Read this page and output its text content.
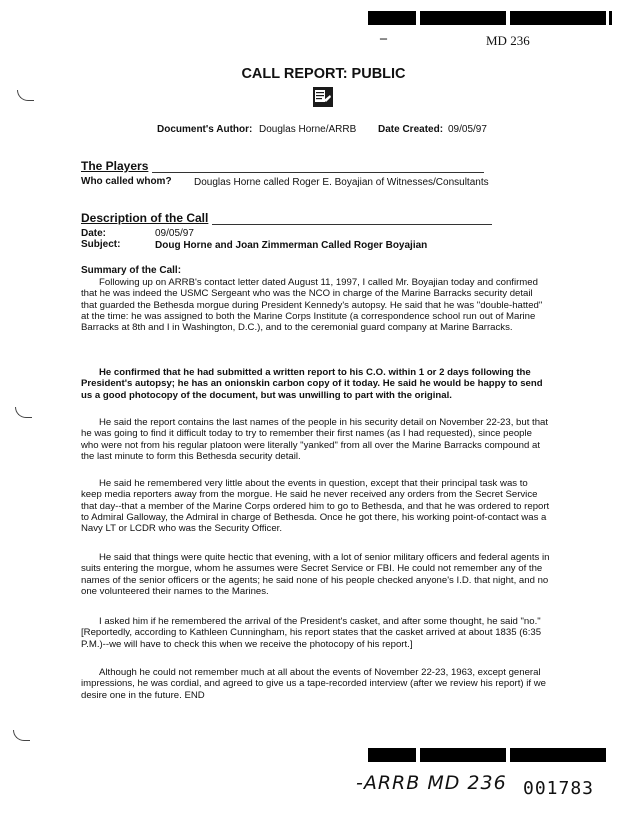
–	MD 236
CALL REPORT: PUBLIC
Document's Author: Douglas Horne/ARRB Date Created: 09/05/97
The Players
Who called whom? Douglas Horne called Roger E. Boyajian of Witnesses/Consultants
Description of the Call
Date:	09/05/97
Subject:	Doug Horne and Joan Zimmerman Called Roger Boyajian
Summary of the Call:
Following up on ARRB's contact letter dated August 11, 1997, I called Mr. Boyajian today and confirmed that he was indeed the USMC Sergeant who was the NCO in charge of the Marine Barracks security detail that guarded the Bethesda morgue during President Kennedy's autopsy. He said that he was "double-hatted" at the time: he was assigned to both the Marine Corps Institute (a correspondence school run out of Marine Barracks at 8th and I in Washington, D.C.), and to the ceremonial guard company at Marine Barracks.
He confirmed that he had submitted a written report to his C.O. within 1 or 2 days following the President's autopsy; he has an onionskin carbon copy of it today. He said he would be happy to send us a good photocopy of the document, but was unwilling to part with the original.
He said the report contains the last names of the people in his security detail on November 22-23, but that he was going to find it difficult today to try to remember their first names (as I had requested), since people who were not from his regular platoon were literally "yanked" from all over the Marine Barracks compound at the last minute to form this Bethesda security detail.
He said he remembered very little about the events in question, except that their principal task was to keep media reporters away from the morgue. He said he never received any orders from the Secret Service that day--that a member of the Marine Corps ordered him to go to Bethesda, and that he was ordered to report to Admiral Galloway, the Admiral in charge of Bethesda. Once he got there, his working point-of-contact was a Navy LT or LCDR who was the Security Officer.
He said that things were quite hectic that evening, with a lot of senior military officers and federal agents in suits entering the morgue, whom he assumes were Secret Service or FBI. He could not remember any of the names of the senior officers or the agents; he said none of his people checked anyone's I.D. that night, and no one volunteered their names to the Marines.
I asked him if he remembered the arrival of the President's casket, and after some thought, he said "no." [Reportedly, according to Kathleen Cunningham, his report states that the casket arrived at about 1835 (6:35 P.M.)--we will have to check this when we receive the photocopy of his report.]
Although he could not remember much at all about the events of November 22-23, 1963, except general impressions, he was cordial, and agreed to give us a tape-recorded interview (after we review his report) if we desire one in the future. END
-ARRB MD 236 001783
